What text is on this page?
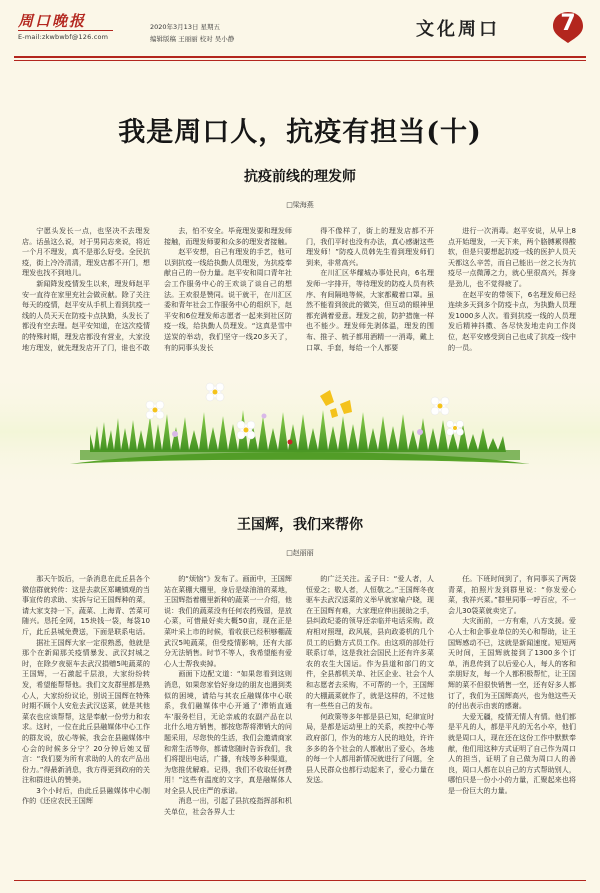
周口晚报
E-mail:zkwbwbf@126.com
2020年3月13日 星期五
编辑版稿 王丽丽 校对 吴小静	文化周口	7
我是周口人，抗疫有担当(十)
抗疫前线的理发师
□梁海燕

宁愿头发长一点，也坚决不去理发店。话虽这么说，对于男同志来说，将近一个月不理发，真不是那么好受。全民抗疫，街上冷冷清清，理发店都不开门，想理发也找不到地儿。

新闻降发疫情发生以来，理发师赵平安一直待在家里充社会做贡献。除了关注每天的疫情，赵平安从手机上看到抗疫一线的人员天天在防疫卡点执勤，头发长了都没有空去理。赵平安知道，在这次疫情的特殊时期，理发店都没有营业，大家没地方理发，就先理发店开了门，谁也不敢

去，怕不安全。毕竟理发要和理发师接触，而理发师要和众多的理发者接触。

赵平安想，自己有理发的手艺，他可以到抗疫一线给执勤人员理发，为抗疫奉献自己的一份力量。赵平安和周口青年社会工作服务中心的王欢谈了谈自己的想法。王欢很是赞同。说干就干，在川汇区委和青年社会工作服务中心的组织下，赵平安和6位理发师志愿者一起来到社区防疫一线，给执勤人员理发。“这真是雪中送炭的举动，我们坚守一线20多天了，有的同事头发长

得不像样了，街上的理发店都不开门，我们平时也没有办法，真心感谢这些理发师！”防疫人员韩先生看到理发师们到来，非常高兴。

在川汇区华耀城办事处民向，6名理发师一字排开，等待理发的防疫人员有秩序、有间隔地等候，大家都戴着口罩。虽然不能看到彼此的微笑，但互动的眼神里都充满着爱意。理发之前，防护措施一样也不能少。理发师先剥体温，理发的围布、推子、梳子都用酒精一一消毒，戴上口罩、手套，每给一个人都要

进行一次消毒。赵平安说，从早上8点开始理发，一天下来，两个胳膊累得酸软，但是只要想起抗疫一线的医护人员天天都这么辛苦，而自己能出一丝之长为抗疫尽一点微薄之力，就心里很高兴，挥身是劲儿，也不觉得疲了。

在赵平安的带领下，6名理发师已经连续多天到多个防疫卡点，为执勤人员理发1000多人次。看到抗疫一线的人员理发后精神抖擞、各尽快发地走向工作岗位，赵平安感受到自己也成了抗疫一线中的一员。

王国辉，我们来帮你
□赵丽丽

那天午饭后，一条消息在此丘县各个微信群就转传：这是去款区郑曦镇观的当事宣传的求助、实拆与记王国辉种的菜，请大家支持一下，蔬菜、上海青、苦菜可随兴。恳托全网，15块钱一袋，每袋10斤，此丘县城免费送，下面是联系电话。

据社王国辉大家一定很熟悉，他就是那个在新闻那关疫情暴发、武汉封城之时，在除夕夜驱车去武汉捐赠5吨蔬菜的王国辉，一石激起千层浪，大家纷纷转发，希望能帮帮他。我们文友群里都是熟心人，大家纷纷议论，别说王国辉在特殊时期不顾个人安危去武汉送菜，就是其他菜农也应该帮帮，这是奉献一份劳力和农求。这时，一位在此丘县融媒体中心工作的群友说，放心等候，我会在县融媒体中心会的时候多分宁？20分钟后她又留言：“我们要为所有求助的人的农产品出份力。”得最新消息，我方得更到政府的关注和群进认的赞美。

3个小时后，由此丘县融媒体中心制作的《还应农民王国辉

的“烦恼”》发布了。画面中，王国辉站在菜棚大棚里，身后是绿油油的菜地，王国辉指着棚里新种的蔬菜一一介绍，他说：我们的蔬菜没有任何农药残留，是放心菜，可惜最好卖大概50亩，现在正是菜叶采上市的时候，看收获已经积够棚蔬武汉5吨蔬菜，但受疫情影响，还有大部分无法销售。时节不等人，我希望能有爱心人士帮我卖掉。

画面下边配文道：“如果您看到这则消息，如果您家恰好身边的朋友也遇到类似的困境，请给与其农丘融媒体中心联系，我们融媒体中心开通了‘滞销直通车’服务栏目，无论亲戚的农副产品在以北什么地方销售，都按您帮将滞销大的问题采用，尽您快的生活，我们会邀请商家和常生活等你，都请您随时告诉我们，我们将提出电话，广播，有线等多种渠道，为您推优解难。记得，我们不收取任何费用！”这些有温度的文字，真是融媒体人对全县人民庄严的承诺。

消息一出，引起了县抗疫指挥部和机关单位，社会各界人士

的广泛关注。孟子曰：“爱人者，人恒爱之；敬人者，人恒敬之。”王国辉冬夜驱车去武汉送菜的义举早就家喻户晓，现在王国辉有难，大家理应伸出援助之手，县纠政纪委的领导还亲临并电话采购。政府相对照理，政风展，县向政委机的几个员工的后勤方式员工作。由这项的部处行联系订单，这是我社会国民上还有许多菜农的农生大国运。作为县道和部门的文件，全县都机关单、社区企业、社会个人和志愿者去采购，不可帮的一个，王国辉的大棚蔬菜就作了，就是这样的，不过他有一些些自己的发布。

何政策等多年都是县已知，纪律宣时局，是都是运动里上的关系，疾控中心等政府部门，作为的地方人民的地处，许许多多的各个社会的人都献出了爱心，各地的每一个人都用新情况就进行了问题，全县人民群众也都行动起来了，爱心力量在发送。

任。下班时间到了，有同事买了两袋青菜，拍照片发到群里说：“你发爱心菜，我祥兴菜。”群里同事一呼百应，不一会儿30袋菜就卖完了。

大灾面前，一方有难，八方支援。爱心人士和企事业单位的关心和帮助，让王国辉感动不已，这就是新闻速度。短短两天时间，王国辉就接到了1300多个订单，消息传到了以后爱心人，每人的客和亲朋好友，每一个人都积极帮忙，让王国辉的菜不但很快销售一空，还有好多人都订了，我们为王国辉高兴，也为他这些天的付出表示由衷的感谢。

大爱无疆，疫情无情人有情。他们都是平凡的人，都是平凡的无名小卒，他们就是周口人，现在还在这份工作中默默奉献，他们用这种方式证明了自己作为周口人的担当，证明了自己做为周口人的善良，周口人都在以自己的方式帮助别人，哪怕只是一份小小的力量，汇聚起来也将是一份巨大的力量。
